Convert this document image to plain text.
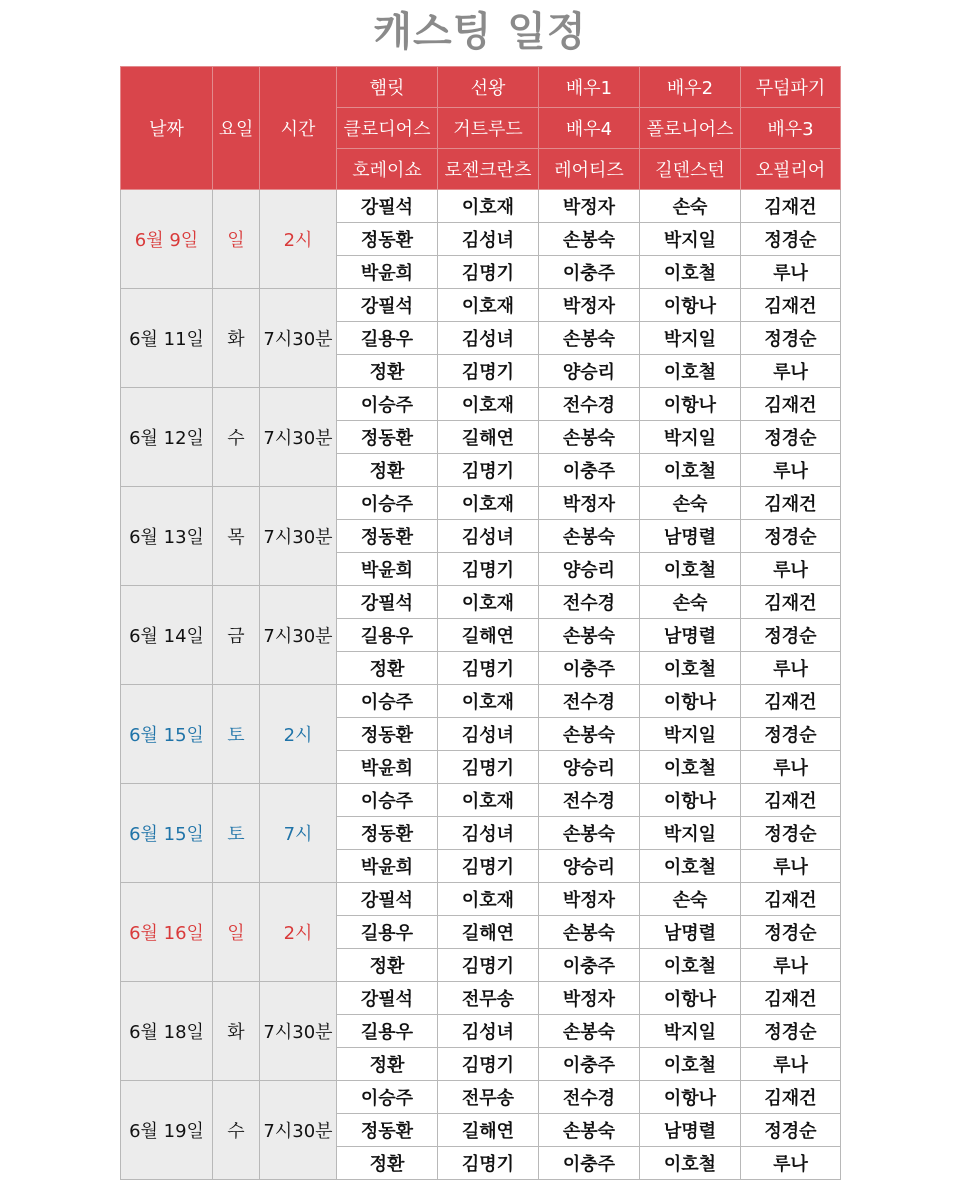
캐스팅 일정
날짜	요일	시간	햄릿	선왕	배우1	배우2	무덤파기
			클로디어스	거트루드	배우4	폴로니어스	배우3
			호레이쇼	로젠크란츠	레어티즈	길덴스턴	오필리어
6월 9일	일	2시	강필석	이호재	박정자	손숙	김재건
			정동환	김성녀	손봉숙	박지일	정경순
			박윤희	김명기	이충주	이호철	루나
6월 11일	화	7시30분	강필석	이호재	박정자	이항나	김재건
			길용우	김성녀	손봉숙	박지일	정경순
			정환	김명기	양승리	이호철	루나
6월 12일	수	7시30분	이승주	이호재	전수경	이항나	김재건
			정동환	길해연	손봉숙	박지일	정경순
			정환	김명기	이충주	이호철	루나
6월 13일	목	7시30분	이승주	이호재	박정자	손숙	김재건
			정동환	김성녀	손봉숙	남명렬	정경순
			박윤희	김명기	양승리	이호철	루나
6월 14일	금	7시30분	강필석	이호재	전수경	손숙	김재건
			길용우	길해연	손봉숙	남명렬	정경순
			정환	김명기	이충주	이호철	루나
6월 15일	토	2시	이승주	이호재	전수경	이항나	김재건
			정동환	김성녀	손봉숙	박지일	정경순
			박윤희	김명기	양승리	이호철	루나
6월 15일	토	7시	이승주	이호재	전수경	이항나	김재건
			정동환	김성녀	손봉숙	박지일	정경순
			박윤희	김명기	양승리	이호철	루나
6월 16일	일	2시	강필석	이호재	박정자	손숙	김재건
			길용우	길해연	손봉숙	남명렬	정경순
			정환	김명기	이충주	이호철	루나
6월 18일	화	7시30분	강필석	전무송	박정자	이항나	김재건
			길용우	김성녀	손봉숙	박지일	정경순
			정환	김명기	이충주	이호철	루나
6월 19일	수	7시30분	이승주	전무송	전수경	이항나	김재건
			정동환	길해연	손봉숙	남명렬	정경순
			정환	김명기	이충주	이호철	루나
